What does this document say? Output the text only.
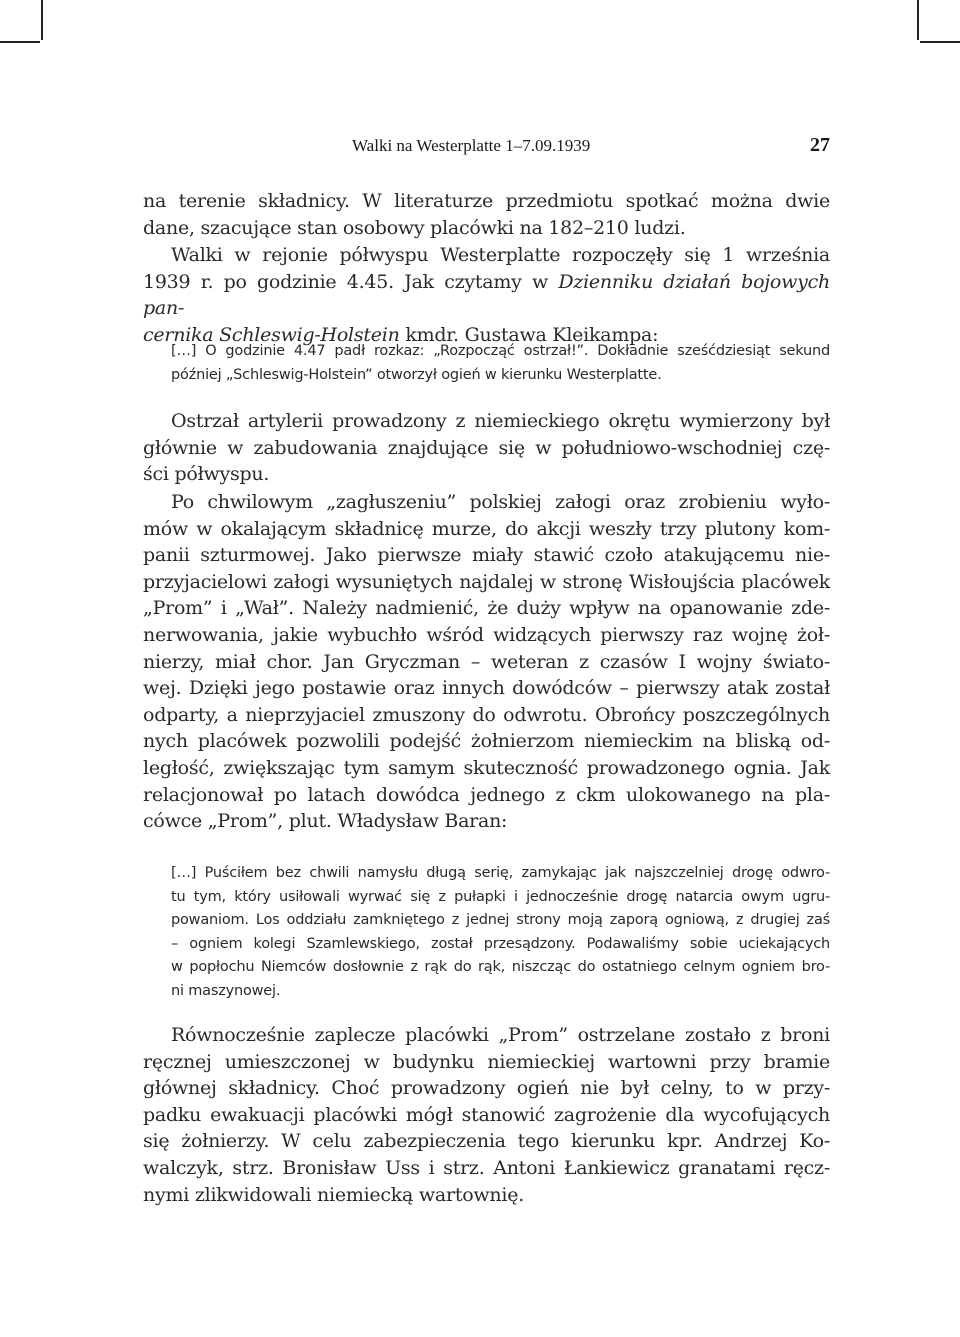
Walki na Westerplatte 1–7.09.1939	27
na terenie składnicy. W literaturze przedmiotu spotkać można dwie
dane, szacujące stan osobowy placówki na 182–210 ludzi.
Walki w rejonie półwyspu Westerplatte rozpoczęły się 1 września
1939 r. po godzinie 4.45. Jak czytamy w Dzienniku działań bojowych pan-
cernika Schleswig-Holstein kmdr. Gustawa Kleikampa:
[…] O godzinie 4.47 padł rozkaz: „Rozpocząć ostrzał!”. Dokładnie sześćdziesiąt sekund
później „Schleswig-Holstein” otworzył ogień w kierunku Westerplatte.
Ostrzał artylerii prowadzony z niemieckiego okrętu wymierzony był
głównie w zabudowania znajdujące się w południowo-wschodniej czę-
ści półwyspu.
Po chwilowym „zagłuszeniu” polskiej załogi oraz zrobieniu wyło-
mów w okalającym składnicę murze, do akcji weszły trzy plutony kom-
panii szturmowej. Jako pierwsze miały stawić czoło atakującemu nie-
przyjacielowi załogi wysuniętych najdalej w stronę Wisłoujścia placówek
„Prom” i „Wał”. Należy nadmienić, że duży wpływ na opanowanie zde-
nerwowania, jakie wybuchło wśród widzących pierwszy raz wojnę żoł-
nierzy, miał chor. Jan Gryczman – weteran z czasów I wojny świato-
wej. Dzięki jego postawie oraz innych dowódców – pierwszy atak został
odparty, a nieprzyjaciel zmuszony do odwrotu. Obrońcy poszczególnych
nych placówek pozwolili podejść żołnierzom niemieckim na bliską od-
ległość, zwiększając tym samym skuteczność prowadzonego ognia. Jak
relacjonował po latach dowódca jednego z ckm ulokowanego na pla-
cówce „Prom”, plut. Władysław Baran:
[…] Puściłem bez chwili namysłu długą serię, zamykając jak najszczelniej drogę odwro-
tu tym, który usiłowali wyrwać się z pułapki i jednocześnie drogę natarcia owym ugru-
powaniom. Los oddziału zamkniętego z jednej strony moją zaporą ogniową, z drugiej zaś
– ogniem kolegi Szamlewskiego, został przesądzony. Podawaliśmy sobie uciekających
w popłochu Niemców dosłownie z rąk do rąk, niszcząc do ostatniego celnym ogniem bro-
ni maszynowej.
Równocześnie zaplecze placówki „Prom” ostrzelane zostało z broni
ręcznej umieszczonej w budynku niemieckiej wartowni przy bramie
głównej składnicy. Choć prowadzony ogień nie był celny, to w przy-
padku ewakuacji placówki mógł stanowić zagrożenie dla wycofujących
się żołnierzy. W celu zabezpieczenia tego kierunku kpr. Andrzej Ko-
walczyk, strz. Bronisław Uss i strz. Antoni Łankiewicz granatami ręcz-
nymi zlikwidowali niemiecką wartownię.
